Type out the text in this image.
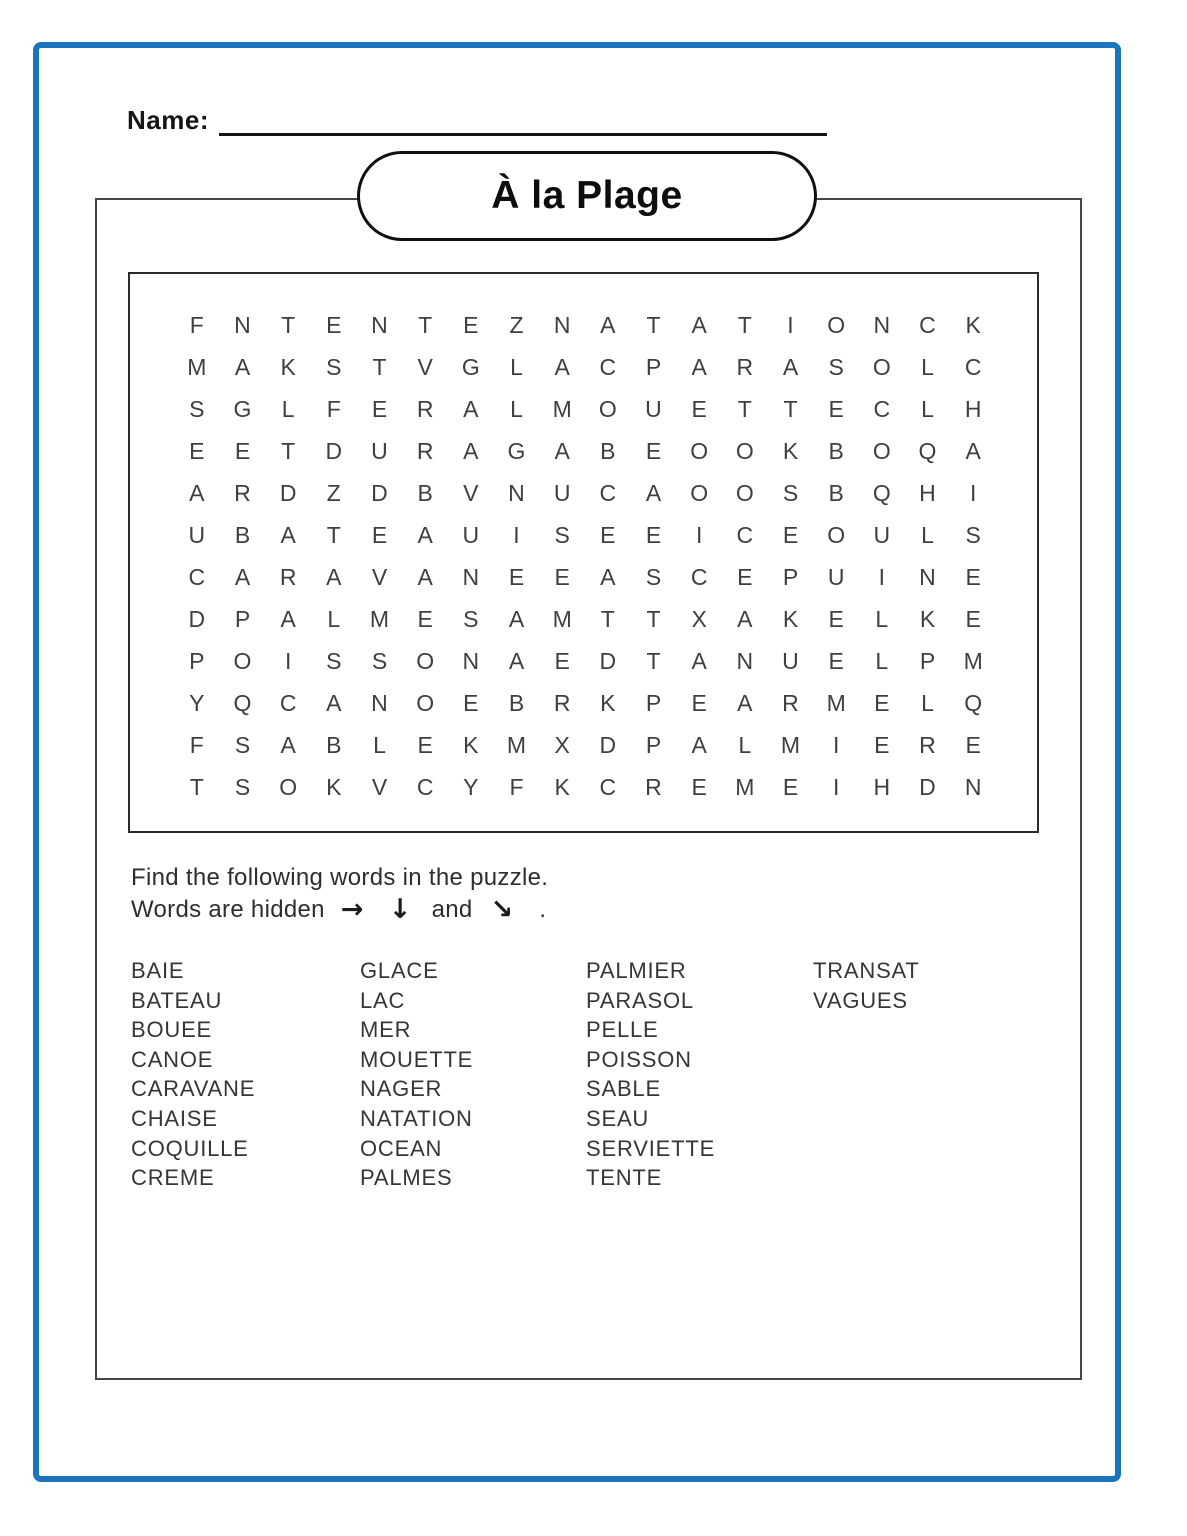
Name:
À la Plage
F	N	T	E	N	T	E	Z	N	A	T	A	T	I	O	N	C	K
M	A	K	S	T	V	G	L	A	C	P	A	R	A	S	O	L	C
S	G	L	F	E	R	A	L	M	O	U	E	T	T	E	C	L	H
E	E	T	D	U	R	A	G	A	B	E	O	O	K	B	O	Q	A
A	R	D	Z	D	B	V	N	U	C	A	O	O	S	B	Q	H	I
U	B	A	T	E	A	U	I	S	E	E	I	C	E	O	U	L	S
C	A	R	A	V	A	N	E	E	A	S	C	E	P	U	I	N	E
D	P	A	L	M	E	S	A	M	T	T	X	A	K	E	L	K	E
P	O	I	S	S	O	N	A	E	D	T	A	N	U	E	L	P	M
Y	Q	C	A	N	O	E	B	R	K	P	E	A	R	M	E	L	Q
F	S	A	B	L	E	K	M	X	D	P	A	L	M	I	E	R	E
T	S	O	K	V	C	Y	F	K	C	R	E	M	E	I	H	D	N
Find the following words in the puzzle.
Words are hidden → ↓ and ↘ .
BAIE
BATEAU
BOUEE
CANOE
CARAVANE
CHAISE
COQUILLE
CREME
GLACE
LAC
MER
MOUETTE
NAGER
NATATION
OCEAN
PALMES
PALMIER
PARASOL
PELLE
POISSON
SABLE
SEAU
SERVIETTE
TENTE
TRANSAT
VAGUES
